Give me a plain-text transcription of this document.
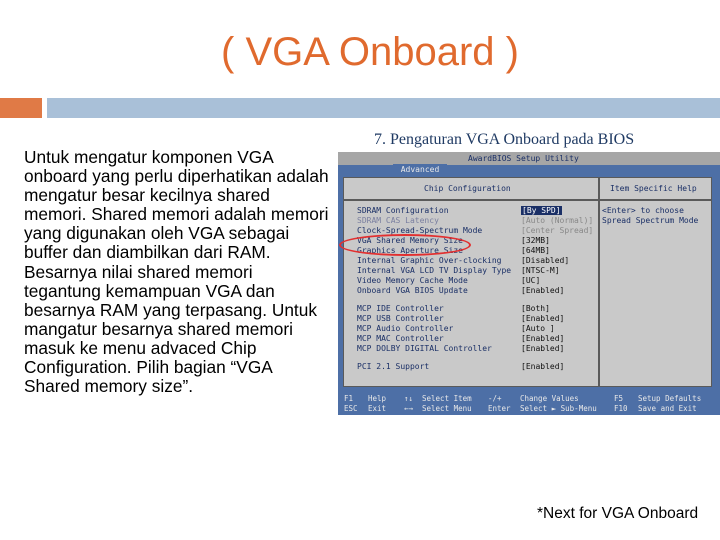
( VGA Onboard )
Untuk mengatur komponen VGA onboard yang perlu diperhatikan adalah mengatur besar kecilnya shared memori. Shared memori adalah memori yang digunakan oleh VGA sebagai buffer dan diambilkan dari RAM. Besarnya nilai shared memori tegantung kemampuan VGA dan besarnya RAM yang terpasang. Untuk mangatur besarnya shared memori masuk ke menu advaced Chip Configuration. Pilih bagian “VGA Shared memory size”.
7. Pengaturan VGA Onboard pada BIOS
AwardBIOS Setup Utility
Advanced
Chip Configuration	Item Specific Help
SDRAM Configuration	[By SPD]
SDRAM CAS Latency	[Auto (Normal)]
Clock-Spread-Spectrum Mode	[Center Spread]
VGA Shared Memory Size	[32MB]
Graphics Aperture Size	[64MB]
Internal Graphic Over-clocking [Disabled]
Internal VGA LCD TV Display Type [NTSC-M]
Video Memory Cache Mode	[UC]
Onboard VGA BIOS Update	[Enabled]
MCP IDE Controller	[Both]
MCP USB Controller	[Enabled]
MCP Audio Controller	[Auto ]
MCP MAC Controller	[Enabled]
MCP DOLBY DIGITAL Controller	[Enabled]
PCI 2.1 Support	[Enabled]
<Enter> to choose Spread Spectrum Mode
F1 Help
ESC Exit
↑↓ Select Item
←→ Select Menu
-/+ Change Values
Enter Select ► Sub-Menu
F5 Setup Defaults
F10 Save and Exit
*Next for VGA Onboard
